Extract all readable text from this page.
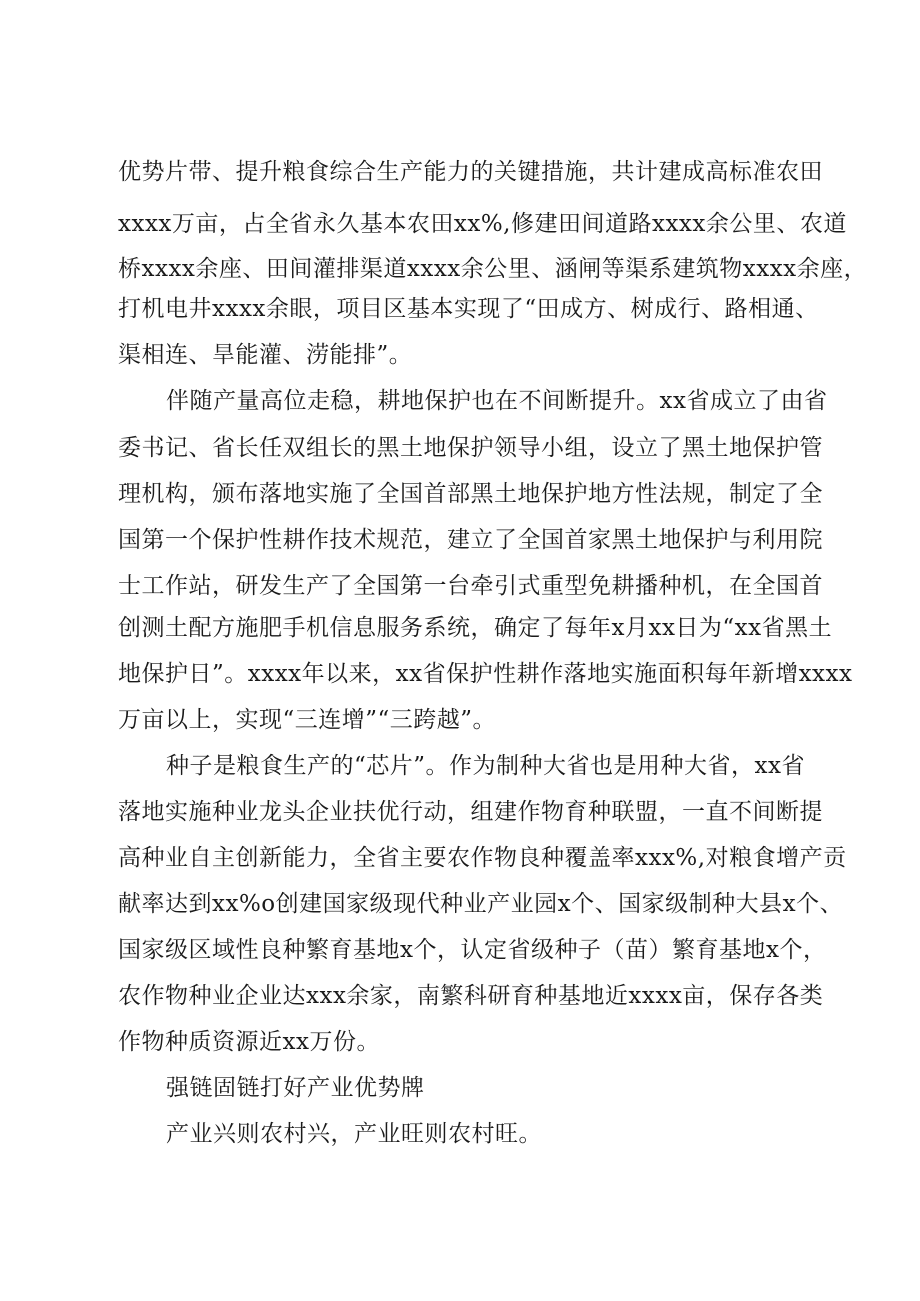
优势片带、提升粮食综合生产能力的关键措施，共计建成高标准农田
xxxx万亩，占全省永久基本农田xx%,修建田间道路xxxx余公里、农道
桥xxxx余座、田间灌排渠道xxxx余公里、涵闸等渠系建筑物xxxx余座，
打机电井xxxx余眼，项目区基本实现了“田成方、树成行、路相通、
渠相连、旱能灌、涝能排”。
伴随产量高位走稳，耕地保护也在不间断提升。xx省成立了由省
委书记、省长任双组长的黑土地保护领导小组，设立了黑土地保护管
理机构，颁布落地实施了全国首部黑土地保护地方性法规，制定了全
国第一个保护性耕作技术规范，建立了全国首家黑土地保护与利用院
士工作站，研发生产了全国第一台牵引式重型免耕播种机，在全国首
创测土配方施肥手机信息服务系统，确定了每年x月xx日为“xx省黑土
地保护日”。xxxx年以来，xx省保护性耕作落地实施面积每年新增xxxx
万亩以上，实现“三连增”“三跨越”。
种子是粮食生产的“芯片”。作为制种大省也是用种大省，xx省
落地实施种业龙头企业扶优行动，组建作物育种联盟，一直不间断提
高种业自主创新能力，全省主要农作物良种覆盖率xxx%,对粮食增产贡
献率达到xx%o创建国家级现代种业产业园x个、国家级制种大县x个、
国家级区域性良种繁育基地x个，认定省级种子（苗）繁育基地x个，
农作物种业企业达xxx余家，南繁科研育种基地近xxxx亩，保存各类
作物种质资源近xx万份。
强链固链打好产业优势牌
产业兴则农村兴，产业旺则农村旺。
